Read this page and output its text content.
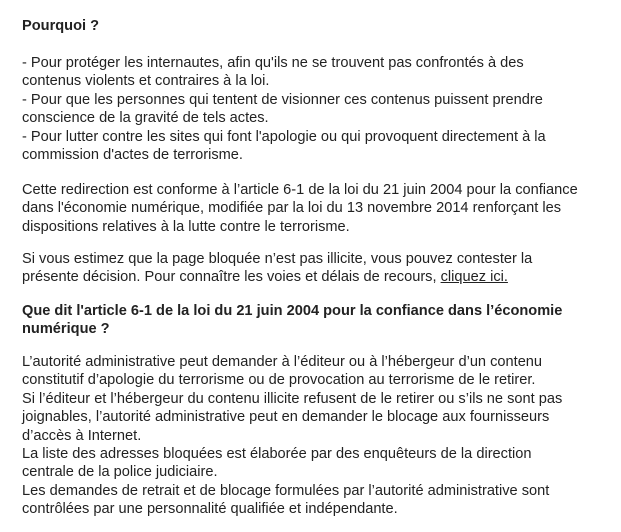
Pourquoi ?
- Pour protéger les internautes, afin qu'ils ne se trouvent pas confrontés à des
contenus violents et contraires à la loi.
- Pour que les personnes qui tentent de visionner ces contenus puissent prendre
conscience de la gravité de tels actes.
- Pour lutter contre les sites qui font l'apologie ou qui provoquent directement à la
commission d'actes de terrorisme.
Cette redirection est conforme à l’article 6-1 de la loi du 21 juin 2004 pour la confiance
dans l'économie numérique, modifiée par la loi du 13 novembre 2014 renforçant les
dispositions relatives à la lutte contre le terrorisme.
Si vous estimez que la page bloquée n’est pas illicite, vous pouvez contester la
présente décision. Pour connaître les voies et délais de recours, cliquez ici.
Que dit l'article 6-1 de la loi du 21 juin 2004 pour la confiance dans l’économie
numérique ?
L’autorité administrative peut demander à l’éditeur ou à l’hébergeur d’un contenu
constitutif d’apologie du terrorisme ou de provocation au terrorisme de le retirer.
Si l’éditeur et l’hébergeur du contenu illicite refusent de le retirer ou s’ils ne sont pas
joignables, l’autorité administrative peut en demander le blocage aux fournisseurs
d’accès à Internet.
La liste des adresses bloquées est élaborée par des enquêteurs de la direction
centrale de la police judiciaire.
Les demandes de retrait et de blocage formulées par l’autorité administrative sont
contrôlées par une personnalité qualifiée et indépendante.
